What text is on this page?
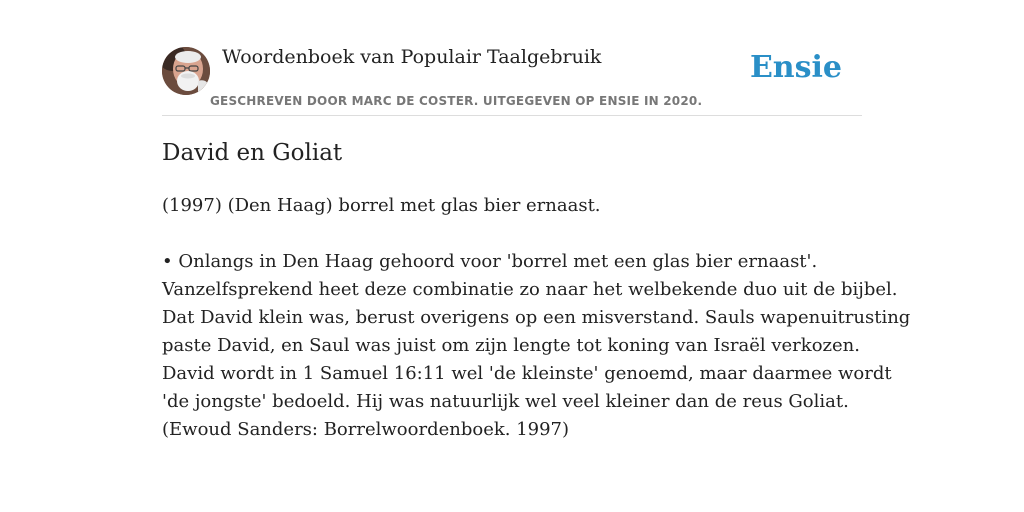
Woordenboek van Populair Taalgebruik
GESCHREVEN DOOR MARC DE COSTER. UITGEGEVEN OP ENSIE IN 2020.
Ensie
David en Goliat

(1997) (Den Haag) borrel met glas bier ernaast.

• Onlangs in Den Haag gehoord voor 'borrel met een glas bier ernaast'.

Vanzelfsprekend heet deze combinatie zo naar het welbekende duo uit de bijbel.

Dat David klein was, berust overigens op een misverstand. Sauls wapenuitrusting

paste David, en Saul was juist om zijn lengte tot koning van Israël verkozen.

David wordt in 1 Samuel 16:11 wel 'de kleinste' genoemd, maar daarmee wordt

'de jongste' bedoeld. Hij was natuurlijk wel veel kleiner dan de reus Goliat.

(Ewoud Sanders: Borrelwoordenboek. 1997)
